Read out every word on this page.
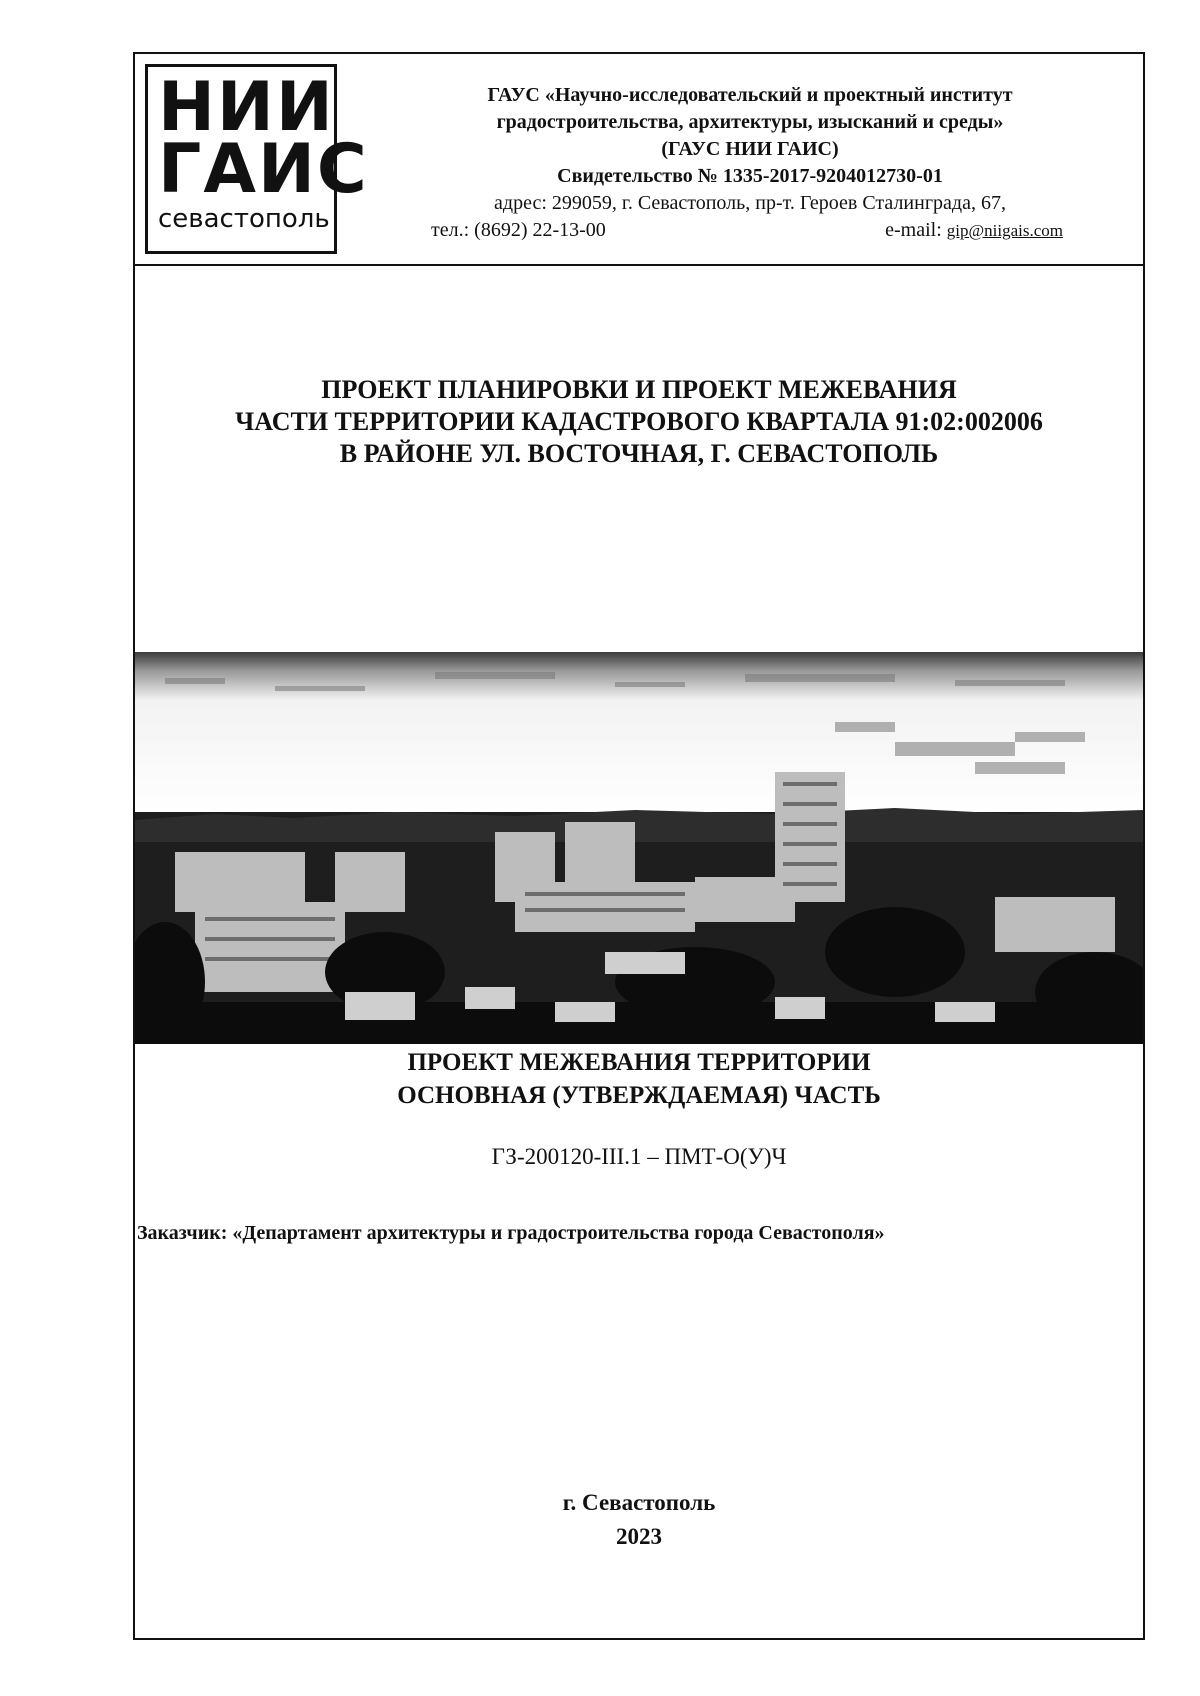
НИИ
ГАИС
севастополь
ГАУС «Научно-исследовательский и проектный институт
градостроительства, архитектуры, изысканий и среды»
(ГАУС НИИ ГАИС)
Свидетельство № 1335-2017-9204012730-01
адрес: 299059, г. Севастополь, пр-т. Героев Сталинграда, 67,
тел.: (8692) 22-13-00	e-mail: gip@niigais.com
ПРОЕКТ ПЛАНИРОВКИ И ПРОЕКТ МЕЖЕВАНИЯ
ЧАСТИ ТЕРРИТОРИИ КАДАСТРОВОГО КВАРТАЛА 91:02:002006
В РАЙОНЕ УЛ. ВОСТОЧНАЯ, Г. СЕВАСТОПОЛЬ
ПРОЕКТ МЕЖЕВАНИЯ ТЕРРИТОРИИ
ОСНОВНАЯ (УТВЕРЖДАЕМАЯ) ЧАСТЬ
ГЗ-200120-III.1 – ПМТ-О(У)Ч
Заказчик: «Департамент архитектуры и градостроительства города Севастополя»
г. Севастополь
2023
